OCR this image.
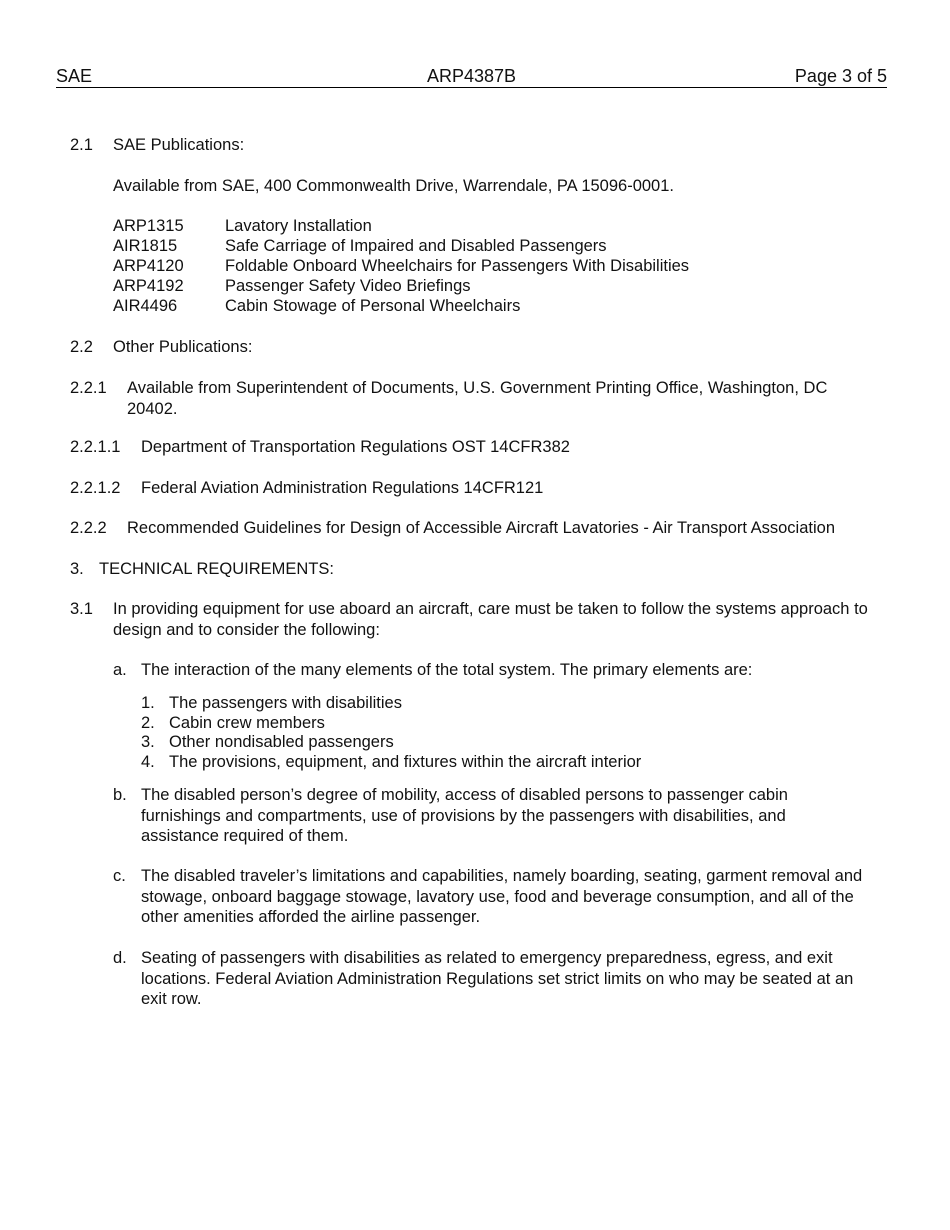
ARP4387B
SAE	Page 3 of 5
2.1 SAE Publications:
Available from SAE, 400 Commonwealth Drive, Warrendale, PA 15096-0001.
ARP1315	Lavatory Installation
AIR1815	Safe Carriage of Impaired and Disabled Passengers
ARP4120	Foldable Onboard Wheelchairs for Passengers With Disabilities
ARP4192	Passenger Safety Video Briefings
AIR4496	Cabin Stowage of Personal Wheelchairs
2.2 Other Publications:
2.2.1 Available from Superintendent of Documents, U.S. Government Printing Office, Washington, DC 20402.
2.2.1.1 Department of Transportation Regulations OST 14CFR382
2.2.1.2 Federal Aviation Administration Regulations 14CFR121
2.2.2 Recommended Guidelines for Design of Accessible Aircraft Lavatories - Air Transport Association
3. TECHNICAL REQUIREMENTS:
3.1 In providing equipment for use aboard an aircraft, care must be taken to follow the systems approach to design and to consider the following:
a. The interaction of the many elements of the total system. The primary elements are:
1. The passengers with disabilities
2. Cabin crew members
3. Other nondisabled passengers
4. The provisions, equipment, and fixtures within the aircraft interior
b. The disabled person’s degree of mobility, access of disabled persons to passenger cabin furnishings and compartments, use of provisions by the passengers with disabilities, and assistance required of them.
c. The disabled traveler’s limitations and capabilities, namely boarding, seating, garment removal and stowage, onboard baggage stowage, lavatory use, food and beverage consumption, and all of the other amenities afforded the airline passenger.
d. Seating of passengers with disabilities as related to emergency preparedness, egress, and exit locations. Federal Aviation Administration Regulations set strict limits on who may be seated at an exit row.
